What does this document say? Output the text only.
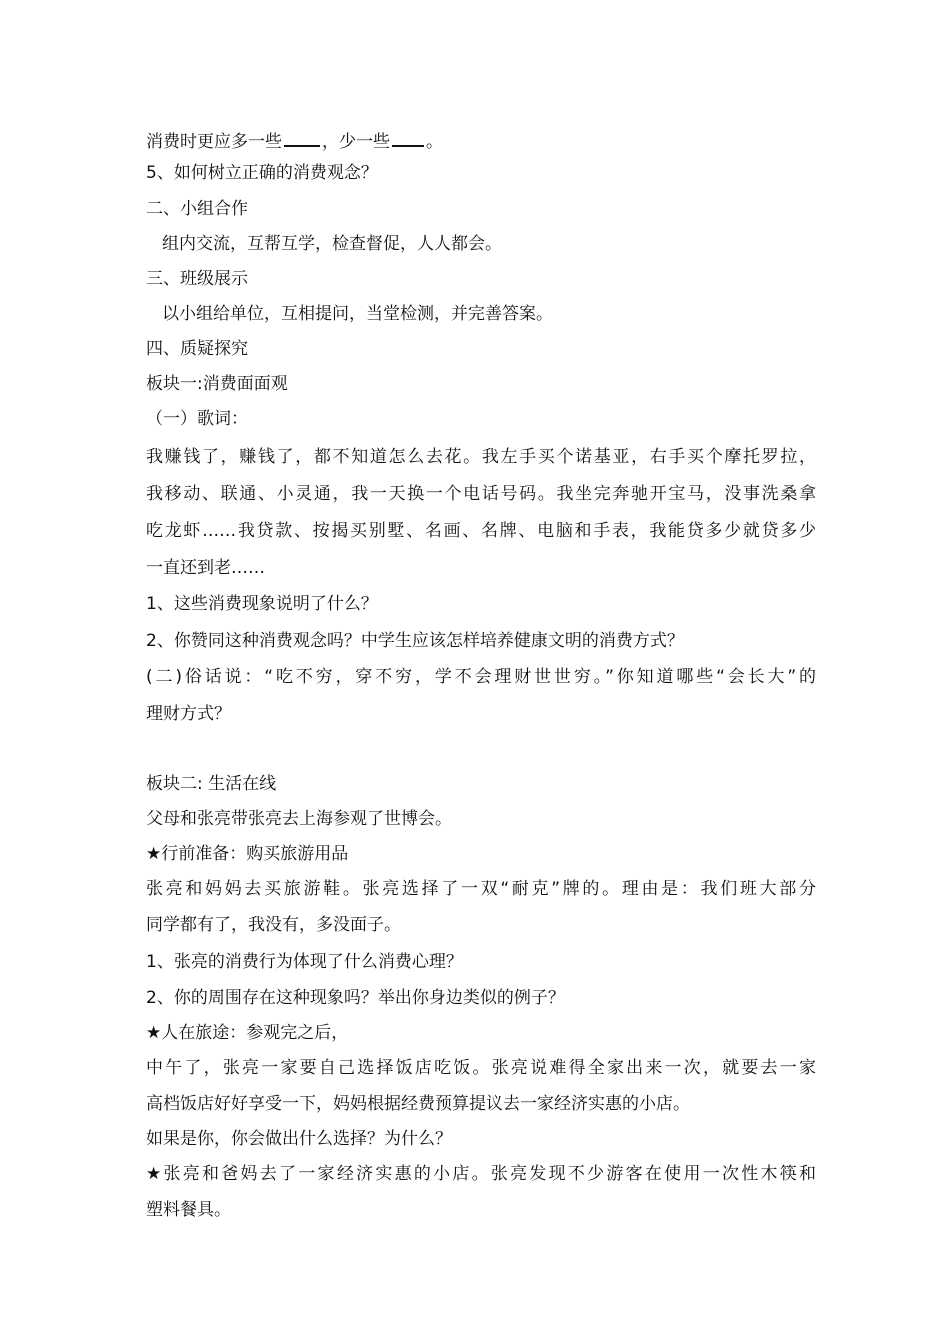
消费时更应多一些 ，少一些 。

5、如何树立正确的消费观念？

二、小组合作

组内交流，互帮互学，检查督促，人人都会。

三、班级展示

以小组给单位，互相提问，当堂检测，并完善答案。

四、质疑探究

板块一:消费面面观

（一）歌词：

我赚钱了，赚钱了，都不知道怎么去花。我左手买个诺基亚，右手买个摩托罗拉，

我移动、联通、小灵通，我一天换一个电话号码。我坐完奔驰开宝马，没事洗桑拿

吃龙虾……我贷款、按揭买别墅、名画、名牌、电脑和手表，我能贷多少就贷多少

一直还到老……

1、这些消费现象说明了什么？

2、你赞同这种消费观念吗？中学生应该怎样培养健康文明的消费方式？

(二)俗话说：“吃不穷，穿不穷，学不会理财世世穷。”你知道哪些“会长大”的

理财方式？

板块二: 生活在线

父母和张亮带张亮去上海参观了世博会。

★行前准备：购买旅游用品

张亮和妈妈去买旅游鞋。张亮选择了一双“耐克”牌的。理由是：我们班大部分

同学都有了，我没有，多没面子。

1、张亮的消费行为体现了什么消费心理？

2、你的周围存在这种现象吗？举出你身边类似的例子？

★人在旅途：参观完之后，

中午了，张亮一家要自己选择饭店吃饭。张亮说难得全家出来一次，就要去一家

高档饭店好好享受一下，妈妈根据经费预算提议去一家经济实惠的小店。

如果是你，你会做出什么选择？为什么？

★张亮和爸妈去了一家经济实惠的小店。张亮发现不少游客在使用一次性木筷和

塑料餐具。
